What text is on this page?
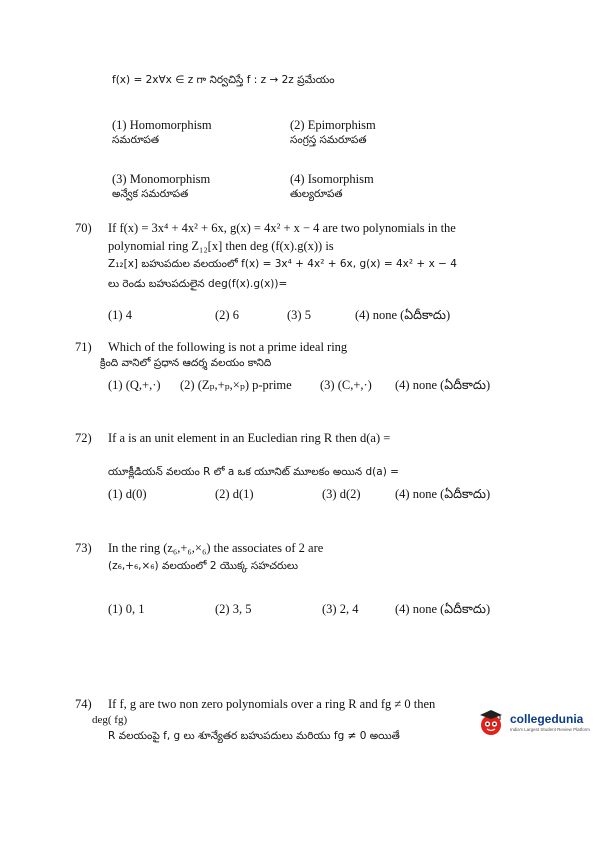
f(x) = 2x∀x ∈ z గా నిర్వచిస్తే f : z → 2z ప్రమేయం
(1) Homomorphism
సమరూపత
(2) Epimorphism
సంగ్రస్త సమరూపత
(3) Monomorphism
అన్వేక సమరూపత
(4) Isomorphism
తుల్యరూపత
70) If f(x) = 3x⁴ + 4x² + 6x, g(x) = 4x² + x − 4 are two polynomials in the
polynomial ring Z₁₂[x] then deg (f(x).g(x)) is
Z₁₂[x] బహుపదుల వలయంలో f(x) = 3x⁴ + 4x² + 6x, g(x) = 4x² + x − 4
లు రెండు బహుపదులైన deg(f(x).g(x))=
(1) 4	(2) 6	(3) 5	(4) none (ఏదీకాదు)
71) Which of the following is not a prime ideal ring
క్రింది వానిలో ప్రధాన ఆదర్శ వలయం కానిది
(1) (Q,+,·) (2) (Zₚ,+ₚ,×ₚ) p-prime (3) (C,+,·) (4) none (ఏదీకాదు)
72) If a is an unit element in an Eucledian ring R then d(a) =
యూక్లీడియన్ వలయం R లో a ఒక యూనిట్ మూలకం అయిన d(a) =
(1) d(0)	(2) d(1)	(3) d(2)	(4) none (ఏదీకాదు)
73) In the ring (z₆,+₆,×₆) the associates of 2 are
(z₆,+₆,×₆) వలయంలో 2 యొక్క సహచరులు
(1) 0, 1	(2) 3, 5	(3) 2, 4	(4) none (ఏదీకాదు)
74) If f, g are two non zero polynomials over a ring R and fg ≠ 0 then
deg( fg)
R వలయంపై f, g లు శూన్యేతర బహుపదులు మరియు fg ≠ 0 అయితే
collegedunia
India's Largest Student Review Platform
